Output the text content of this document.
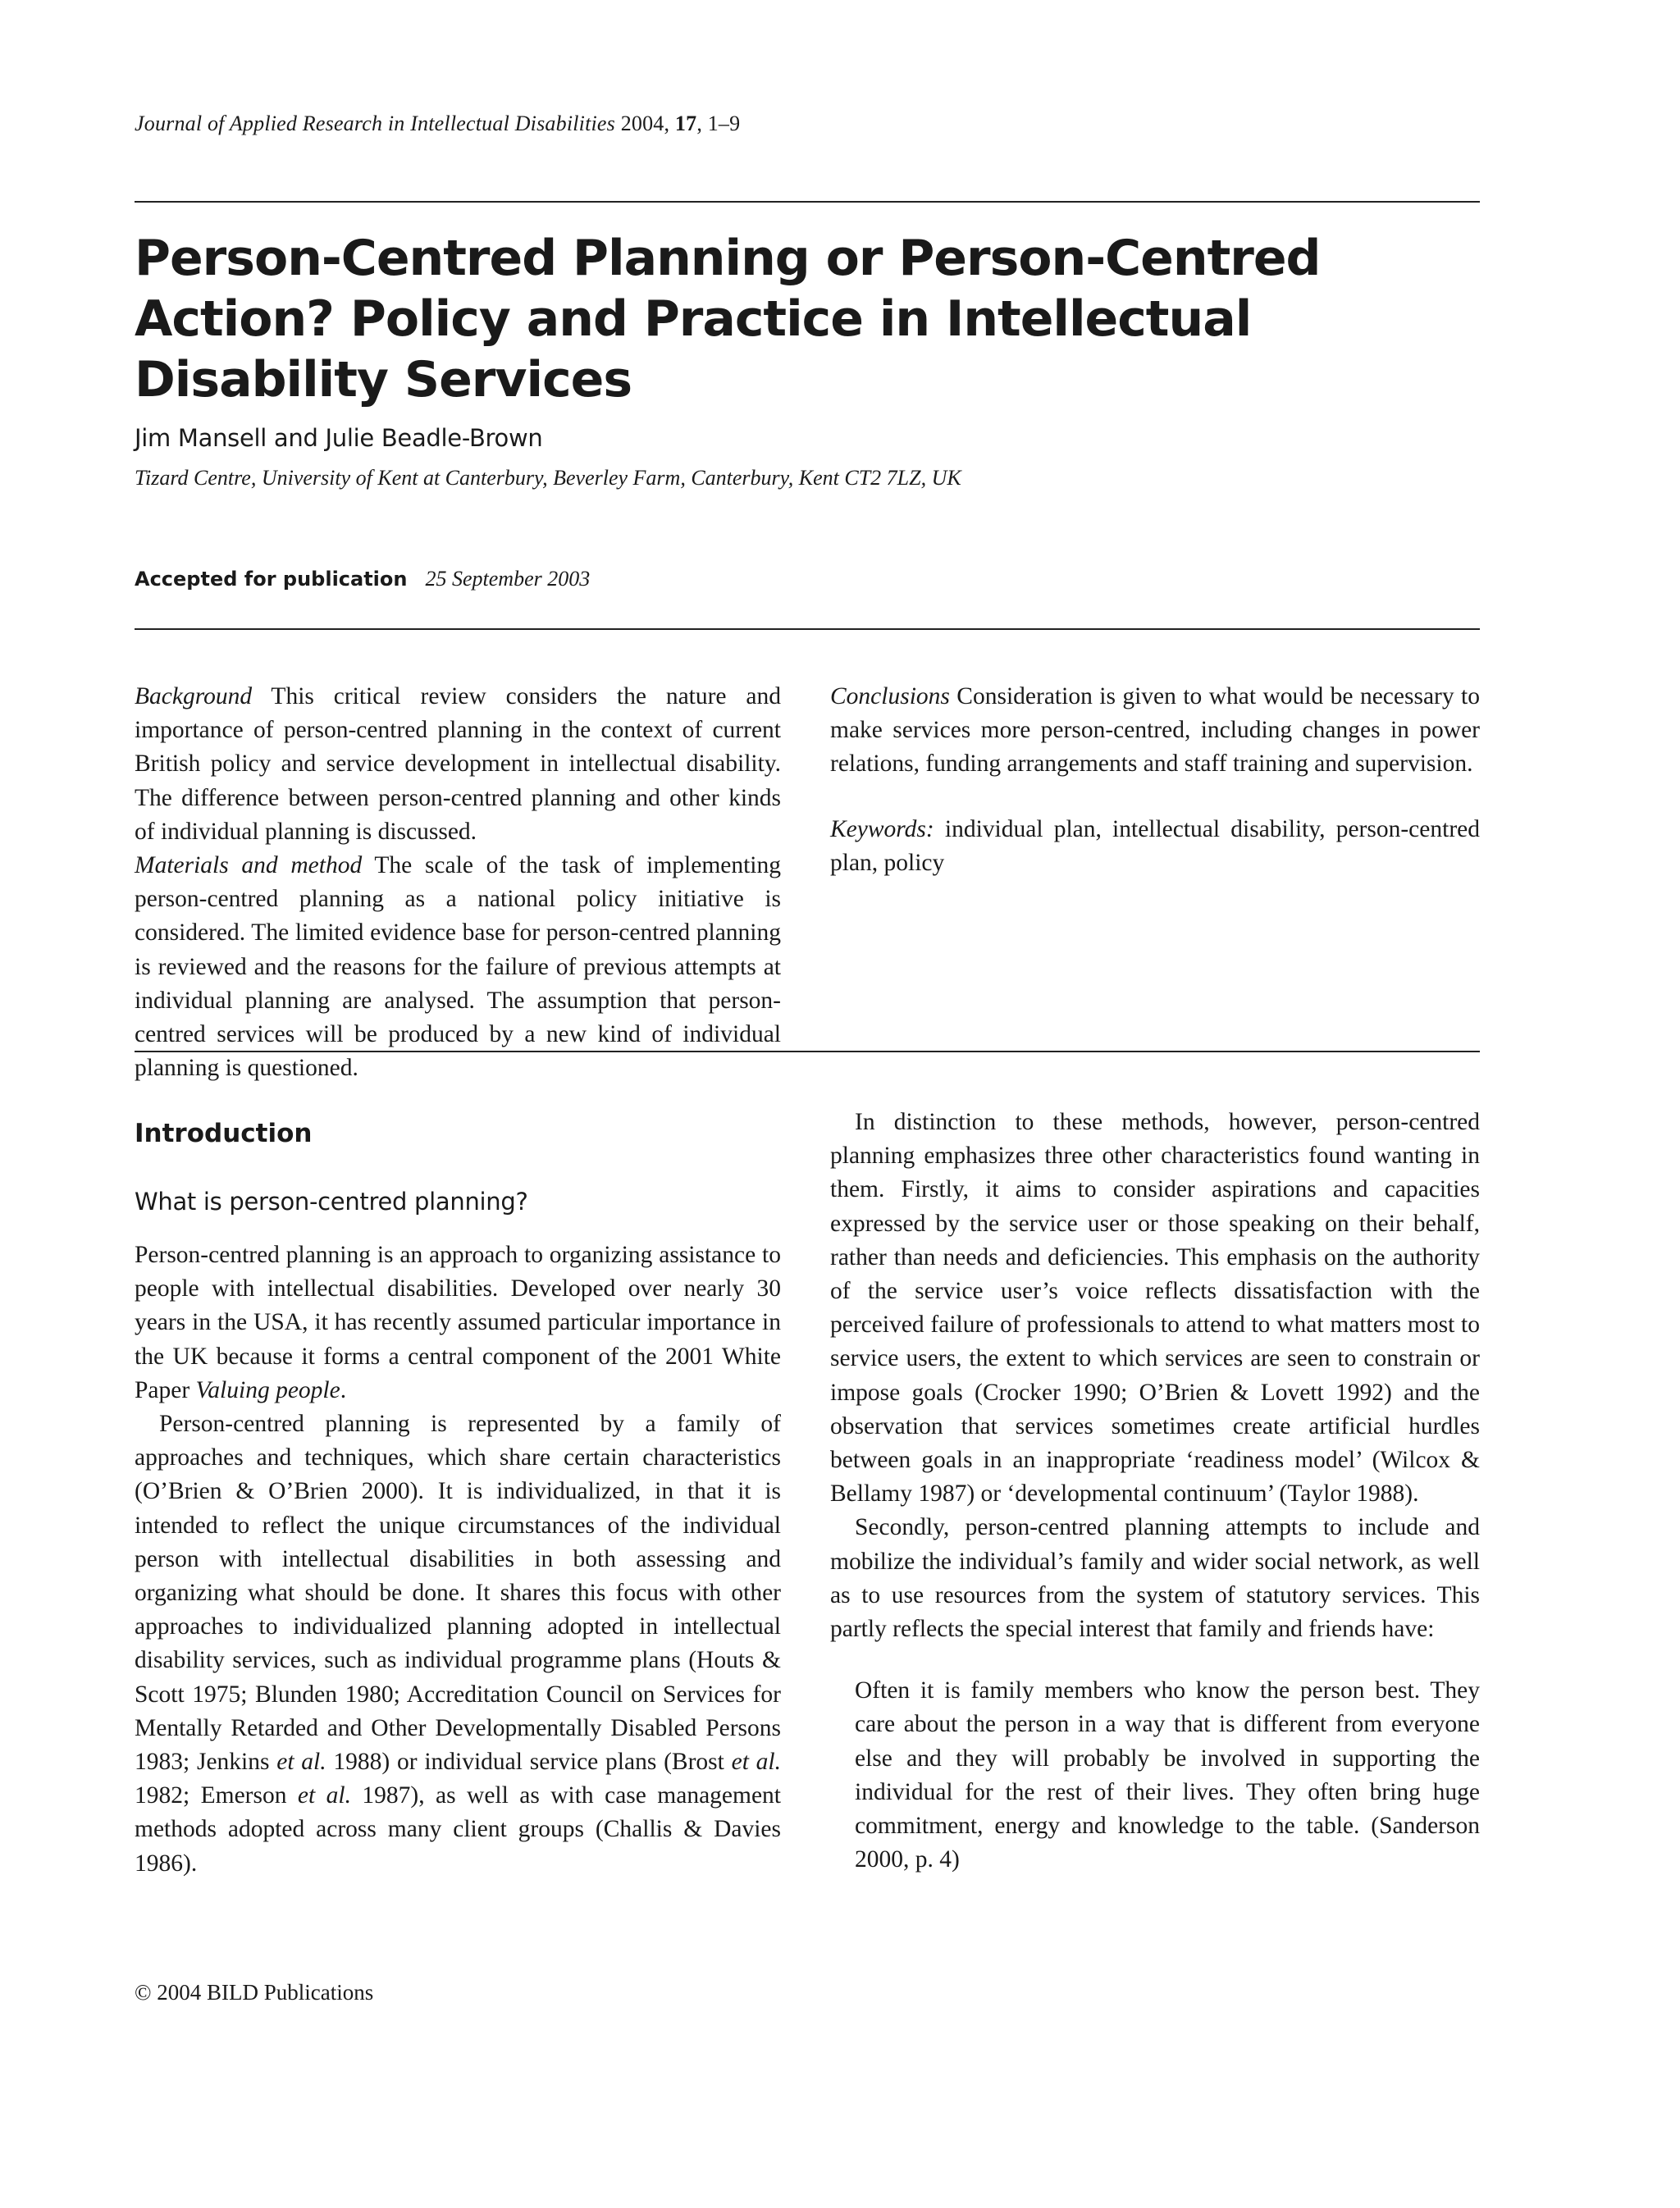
Journal of Applied Research in Intellectual Disabilities 2004, 17, 1–9
Person-Centred Planning or Person-Centred
Action? Policy and Practice in Intellectual
Disability Services
Jim Mansell and Julie Beadle-Brown
Tizard Centre, University of Kent at Canterbury, Beverley Farm, Canterbury, Kent CT2 7LZ, UK
Accepted for publication 25 September 2003

Background This critical review considers the nature and importance of person-centred planning in the context of current British policy and service development in intellectual disability. The difference between person-centred planning and other kinds of individual planning is discussed.

Materials and method The scale of the task of implementing person-centred planning as a national policy initiative is considered. The limited evidence base for person-centred planning is reviewed and the reasons for the failure of previous attempts at individual planning are analysed. The assumption that person-centred services will be produced by a new kind of individual planning is questioned.

Conclusions Consideration is given to what would be necessary to make services more person-centred, including changes in power relations, funding arrangements and staff training and supervision.

Keywords: individual plan, intellectual disability, person-centred plan, policy

Introduction
What is person-centred planning?

Person-centred planning is an approach to organizing assistance to people with intellectual disabilities. Developed over nearly 30 years in the USA, it has recently assumed particular importance in the UK because it forms a central component of the 2001 White Paper Valuing people.

Person-centred planning is represented by a family of approaches and techniques, which share certain characteristics (O’Brien & O’Brien 2000). It is individualized, in that it is intended to reflect the unique circumstances of the individual person with intellectual disabilities in both assessing and organizing what should be done. It shares this focus with other approaches to individualized planning adopted in intellectual disability services, such as individual programme plans (Houts & Scott 1975; Blunden 1980; Accreditation Council on Services for Mentally Retarded and Other Developmentally Disabled Persons 1983; Jenkins et al. 1988) or individual service plans (Brost et al. 1982; Emerson et al. 1987), as well as with case management methods adopted across many client groups (Challis & Davies 1986).

In distinction to these methods, however, person-centred planning emphasizes three other characteristics found wanting in them. Firstly, it aims to consider aspirations and capacities expressed by the service user or those speaking on their behalf, rather than needs and deficiencies. This emphasis on the authority of the service user’s voice reflects dissatisfaction with the perceived failure of professionals to attend to what matters most to service users, the extent to which services are seen to constrain or impose goals (Crocker 1990; O’Brien & Lovett 1992) and the observation that services sometimes create artificial hurdles between goals in an inappropriate ‘readiness model’ (Wilcox & Bellamy 1987) or ‘developmental continuum’ (Taylor 1988).

Secondly, person-centred planning attempts to include and mobilize the individual’s family and wider social network, as well as to use resources from the system of statutory services. This partly reflects the special interest that family and friends have:

Often it is family members who know the person best. They care about the person in a way that is different from everyone else and they will probably be involved in supporting the individual for the rest of their lives. They often bring huge commitment, energy and knowledge to the table. (Sanderson 2000, p. 4)

© 2004 BILD Publications
